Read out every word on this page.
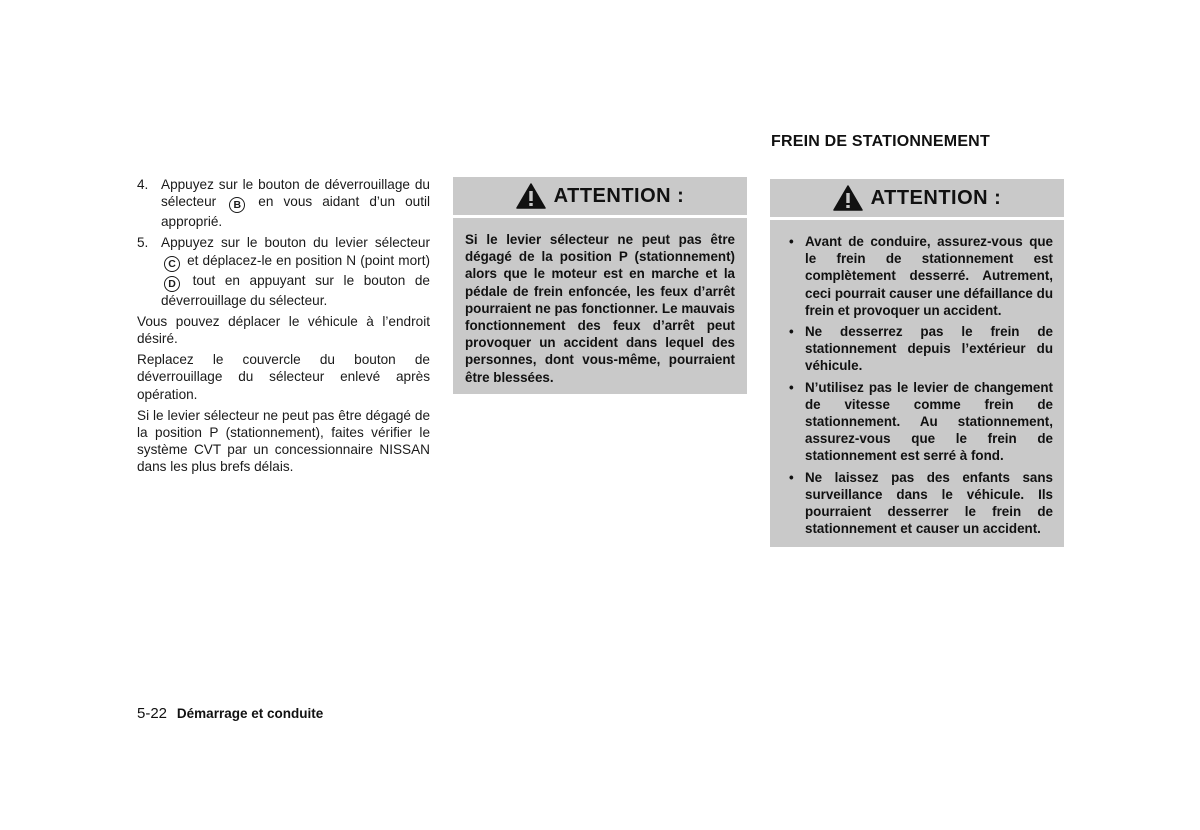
4. Appuyez sur le bouton de déverrouillage du sélecteur B en vous aidant d’un outil approprié.
5. Appuyez sur le bouton du levier sélecteur C et déplacez-le en position N (point mort) D tout en appuyant sur le bouton de déverrouillage du sélecteur.

Vous pouvez déplacer le véhicule à l’endroit désiré.

Replacez le couvercle du bouton de déverrouillage du sélecteur enlevé après opération.

Si le levier sélecteur ne peut pas être dégagé de la position P (stationnement), faites vérifier le système CVT par un concessionnaire NISSAN dans les plus brefs délais.

ATTENTION :
Si le levier sélecteur ne peut pas être dégagé de la position P (stationnement) alors que le moteur est en marche et la pédale de frein enfoncée, les feux d’arrêt pourraient ne pas fonctionner. Le mauvais fonctionnement des feux d’arrêt peut provoquer un accident dans lequel des personnes, dont vous-même, pourraient être blessées.
FREIN DE STATIONNEMENT
ATTENTION :
• Avant de conduire, assurez-vous que le frein de stationnement est complètement desserré. Autrement, ceci pourrait causer une défaillance du frein et provoquer un accident.
• Ne desserrez pas le frein de stationnement depuis l’extérieur du véhicule.
• N’utilisez pas le levier de changement de vitesse comme frein de stationnement. Au stationnement, assurez-vous que le frein de stationnement est serré à fond.
• Ne laissez pas des enfants sans surveillance dans le véhicule. Ils pourraient desserrer le frein de stationnement et causer un accident.
5-22 Démarrage et conduite
